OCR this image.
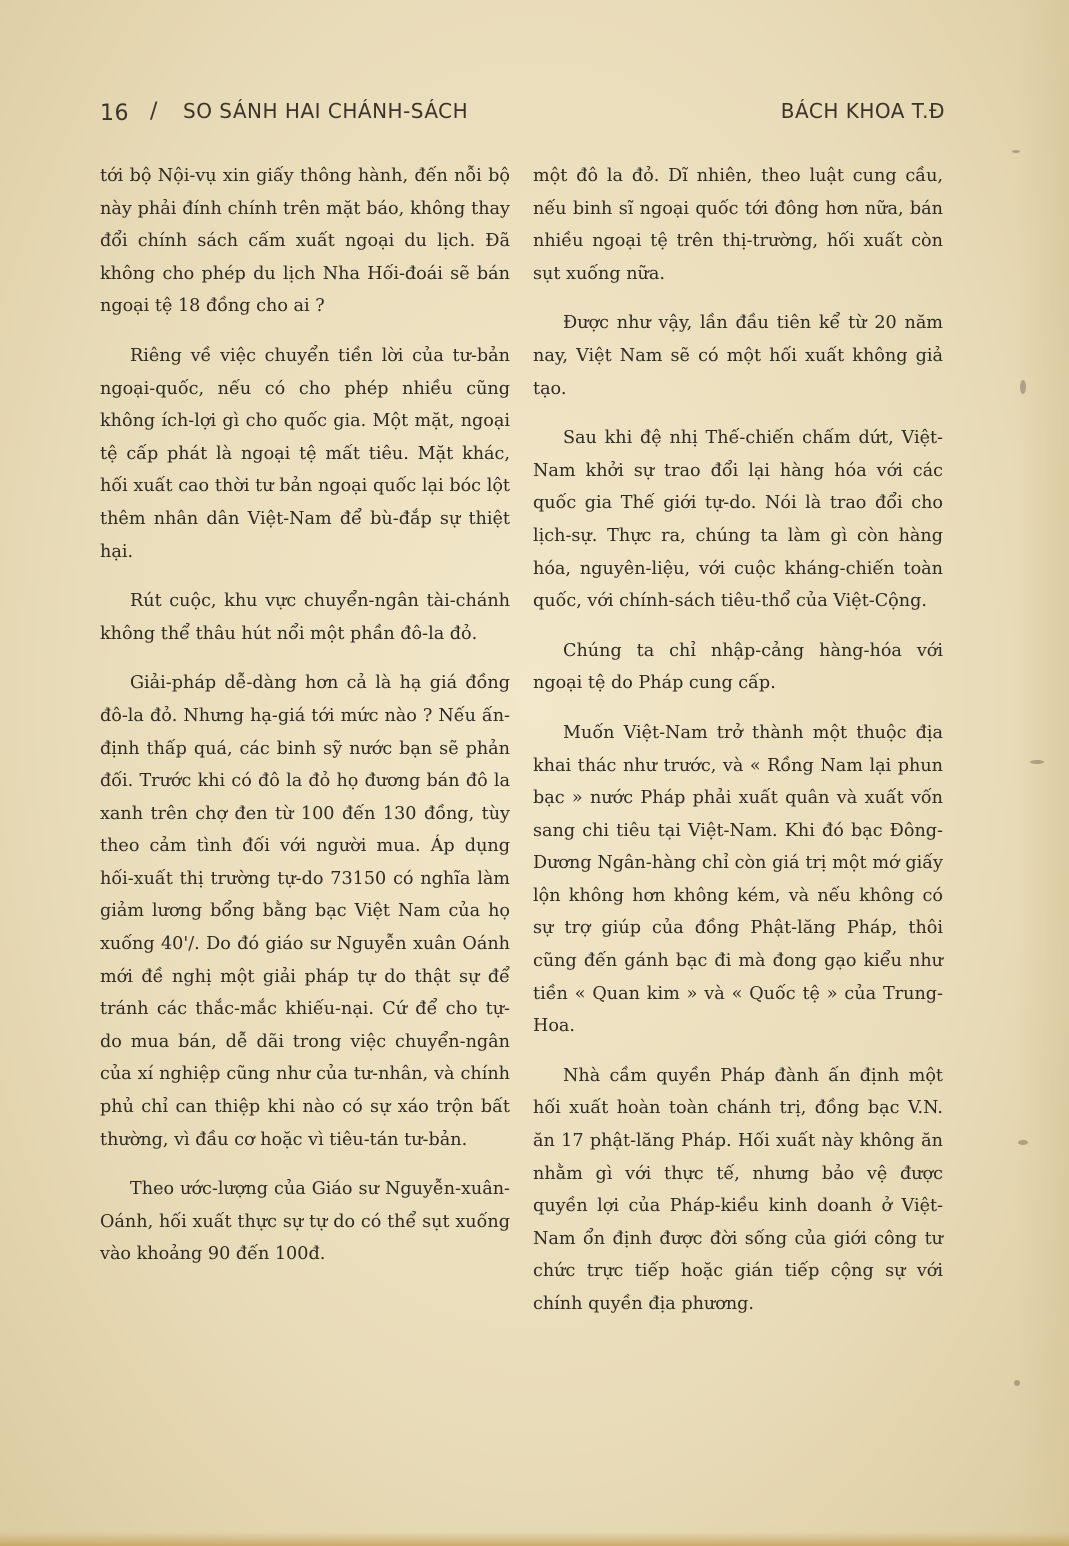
16 / SO SÁNH HAI CHÁNH-SÁCH	BÁCH KHOA T.Đ

tới bộ Nội-vụ xin giấy thông hành, đến nỗi bộ này phải đính chính trên mặt báo, không thay đổi chính sách cấm xuất ngoại du lịch. Đã không cho phép du lịch Nha Hối-đoái sẽ bán ngoại tệ 18 đồng cho ai ?

Riêng về việc chuyển tiền lời của tư-bản ngoại-quốc, nếu có cho phép nhiều cũng không ích-lợi gì cho quốc gia. Một mặt, ngoại tệ cấp phát là ngoại tệ mất tiêu. Mặt khác, hối xuất cao thời tư bản ngoại quốc lại bóc lột thêm nhân dân Việt-Nam để bù-đắp sự thiệt hại.

Rút cuộc, khu vực chuyển-ngân tài-chánh không thể thâu hút nổi một phần đô-la đỏ.

Giải-pháp dễ-dàng hơn cả là hạ giá đồng đô-la đỏ. Nhưng hạ-giá tới mức nào ? Nếu ấn-định thấp quá, các binh sỹ nước bạn sẽ phản đối. Trước khi có đô la đỏ họ đương bán đô la xanh trên chợ đen từ 100 đến 130 đồng, tùy theo cảm tình đối với người mua. Áp dụng hối-xuất thị trường tự-do 73150 có nghĩa làm giảm lương bổng bằng bạc Việt Nam của họ xuống 40'/. Do đó giáo sư Nguyễn xuân Oánh mới đề nghị một giải pháp tự do thật sự để tránh các thắc-mắc khiếu-nại. Cứ để cho tự-do mua bán, dễ dãi trong việc chuyển-ngân của xí nghiệp cũng như của tư-nhân, và chính phủ chỉ can thiệp khi nào có sự xáo trộn bất thường, vì đầu cơ hoặc vì tiêu-tán tư-bản.

Theo ước-lượng của Giáo sư Nguyễn-xuân-Oánh, hối xuất thực sự tự do có thể sụt xuống vào khoảng 90 đến 100đ.

một đô la đỏ. Dĩ nhiên, theo luật cung cầu, nếu binh sĩ ngoại quốc tới đông hơn nữa, bán nhiều ngoại tệ trên thị-trường, hối xuất còn sụt xuống nữa.

Được như vậy, lần đầu tiên kể từ 20 năm nay, Việt Nam sẽ có một hối xuất không giả tạo.

Sau khi đệ nhị Thế-chiến chấm dứt, Việt-Nam khởi sự trao đổi lại hàng hóa với các quốc gia Thế giới tự-do. Nói là trao đổi cho lịch-sự. Thực ra, chúng ta làm gì còn hàng hóa, nguyên-liệu, với cuộc kháng-chiến toàn quốc, với chính-sách tiêu-thổ của Việt-Cộng.

Chúng ta chỉ nhập-cảng hàng-hóa với ngoại tệ do Pháp cung cấp.

Muốn Việt-Nam trở thành một thuộc địa khai thác như trước, và « Rồng Nam lại phun bạc » nước Pháp phải xuất quân và xuất vốn sang chi tiêu tại Việt-Nam. Khi đó bạc Đông-Dương Ngân-hàng chỉ còn giá trị một mớ giấy lộn không hơn không kém, và nếu không có sự trợ giúp của đồng Phật-lăng Pháp, thôi cũng đến gánh bạc đi mà đong gạo kiểu như tiền « Quan kim » và « Quốc tệ » của Trung-Hoa.

Nhà cầm quyền Pháp đành ấn định một hối xuất hoàn toàn chánh trị, đồng bạc V.N. ăn 17 phật-lăng Pháp. Hối xuất này không ăn nhằm gì với thực tế, nhưng bảo vệ được quyền lợi của Pháp-kiều kinh doanh ở Việt-Nam ổn định được đời sống của giới công tư chức trực tiếp hoặc gián tiếp cộng sự với chính quyền địa phương.
